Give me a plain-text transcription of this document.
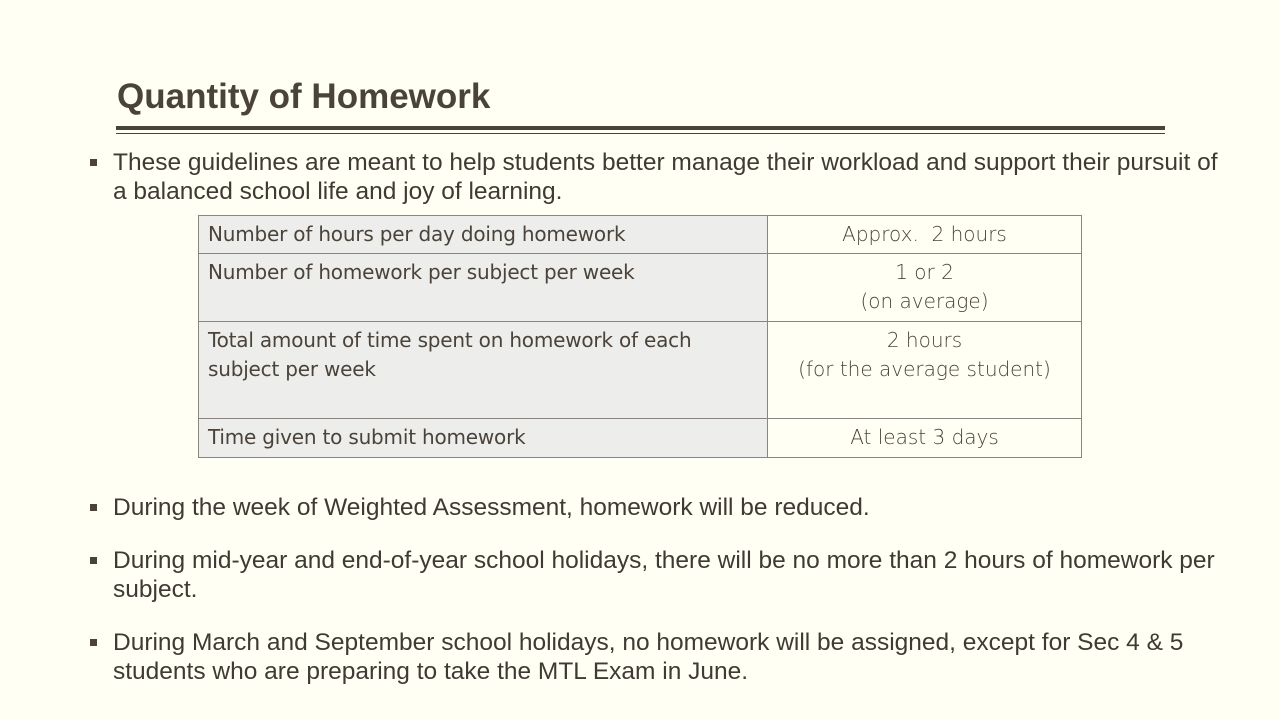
Quantity of Homework
These guidelines are meant to help students better manage their workload and support their pursuit of a balanced school life and joy of learning.
Number of hours per day doing homework	Approx.  2 hours

Number of homework per subject per week	1 or 2
(on average)

Total amount of time spent on homework of each subject per week	2 hours
(for the average student)

Time given to submit homework	At least 3 days
During the week of Weighted Assessment, homework will be reduced.
During mid-year and end-of-year school holidays, there will be no more than 2 hours of homework per subject.
During March and September school holidays, no homework will be assigned, except for Sec 4 & 5 students who are preparing to take the MTL Exam in June.
